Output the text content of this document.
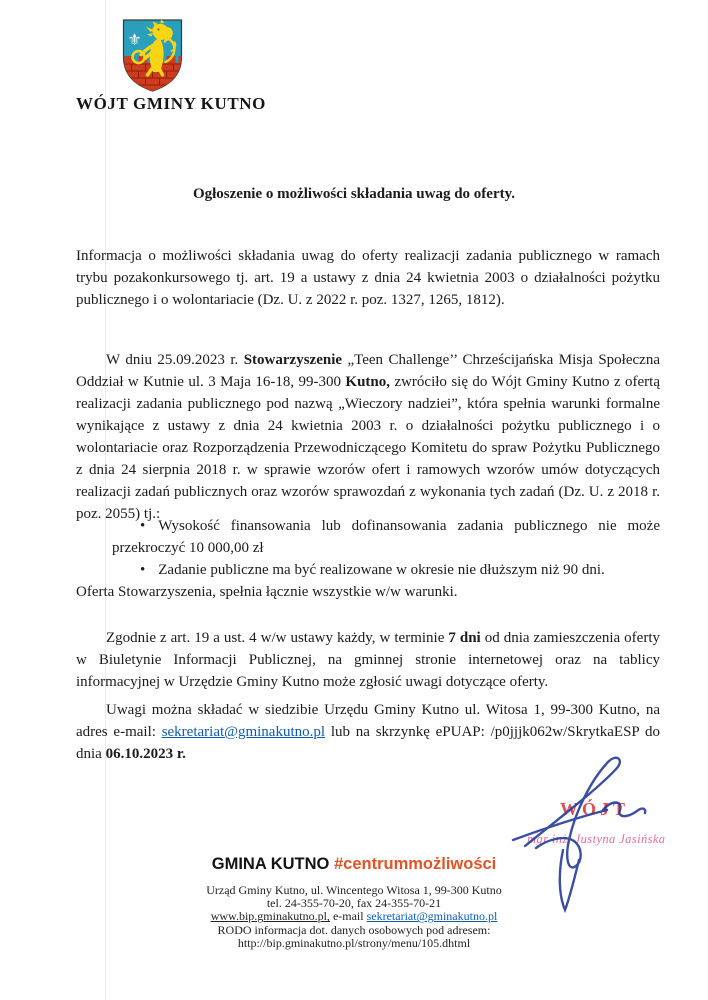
⚜
WÓJT GMINY KUTNO
Ogłoszenie o możliwości składania uwag do oferty.

Informacja o możliwości składania uwag do oferty realizacji zadania publicznego w ramach trybu pozakonkursowego tj. art. 19 a ustawy z dnia 24 kwietnia 2003 o działalności pożytku publicznego i o wolontariacie (Dz. U. z 2022 r. poz. 1327, 1265, 1812).

W dniu 25.09.2023 r. Stowarzyszenie „Teen Challenge’’ Chrześcijańska Misja Społeczna Oddział w Kutnie ul. 3 Maja 16-18, 99-300 Kutno, zwróciło się do Wójt Gminy Kutno z ofertą realizacji zadania publicznego pod nazwą „Wieczory nadziei”, która spełnia warunki formalne wynikające z ustawy z dnia 24 kwietnia 2003 r. o działalności pożytku publicznego i o wolontariacie oraz Rozporządzenia Przewodniczącego Komitetu do spraw Pożytku Publicznego z dnia 24 sierpnia 2018 r. w sprawie wzorów ofert i ramowych wzorów umów dotyczących realizacji zadań publicznych oraz wzorów sprawozdań z wykonania tych zadań (Dz. U. z 2018 r. poz. 2055) tj.:

• Wysokość finansowania lub dofinansowania zadania publicznego nie może przekroczyć 10 000,00 zł
• Zadanie publiczne ma być realizowane w okresie nie dłuższym niż 90 dni.

Oferta Stowarzyszenia, spełnia łącznie wszystkie w/w warunki.

Zgodnie z art. 19 a ust. 4 w/w ustawy każdy, w terminie 7 dni od dnia zamieszczenia oferty w Biuletynie Informacji Publicznej, na gminnej stronie internetowej oraz na tablicy informacyjnej w Urzędzie Gminy Kutno może zgłosić uwagi dotyczące oferty.

Uwagi można składać w siedzibie Urzędu Gminy Kutno ul. Witosa 1, 99-300 Kutno, na adres e-mail: sekretariat@gminakutno.pl lub na skrzynkę ePUAP: /p0jjjk062w/SkrytkaESP do dnia 06.10.2023 r.

WÓJT
mgr inż. Justyna Jasińska
GMINA KUTNO #centrummożliwości
Urząd Gminy Kutno, ul. Wincentego Witosa 1, 99-300 Kutno
tel. 24-355-70-20, fax 24-355-70-21
www.bip.gminakutno.pl, e-mail sekretariat@gminakutno.pl
RODO informacja dot. danych osobowych pod adresem:
http://bip.gminakutno.pl/strony/menu/105.dhtml
